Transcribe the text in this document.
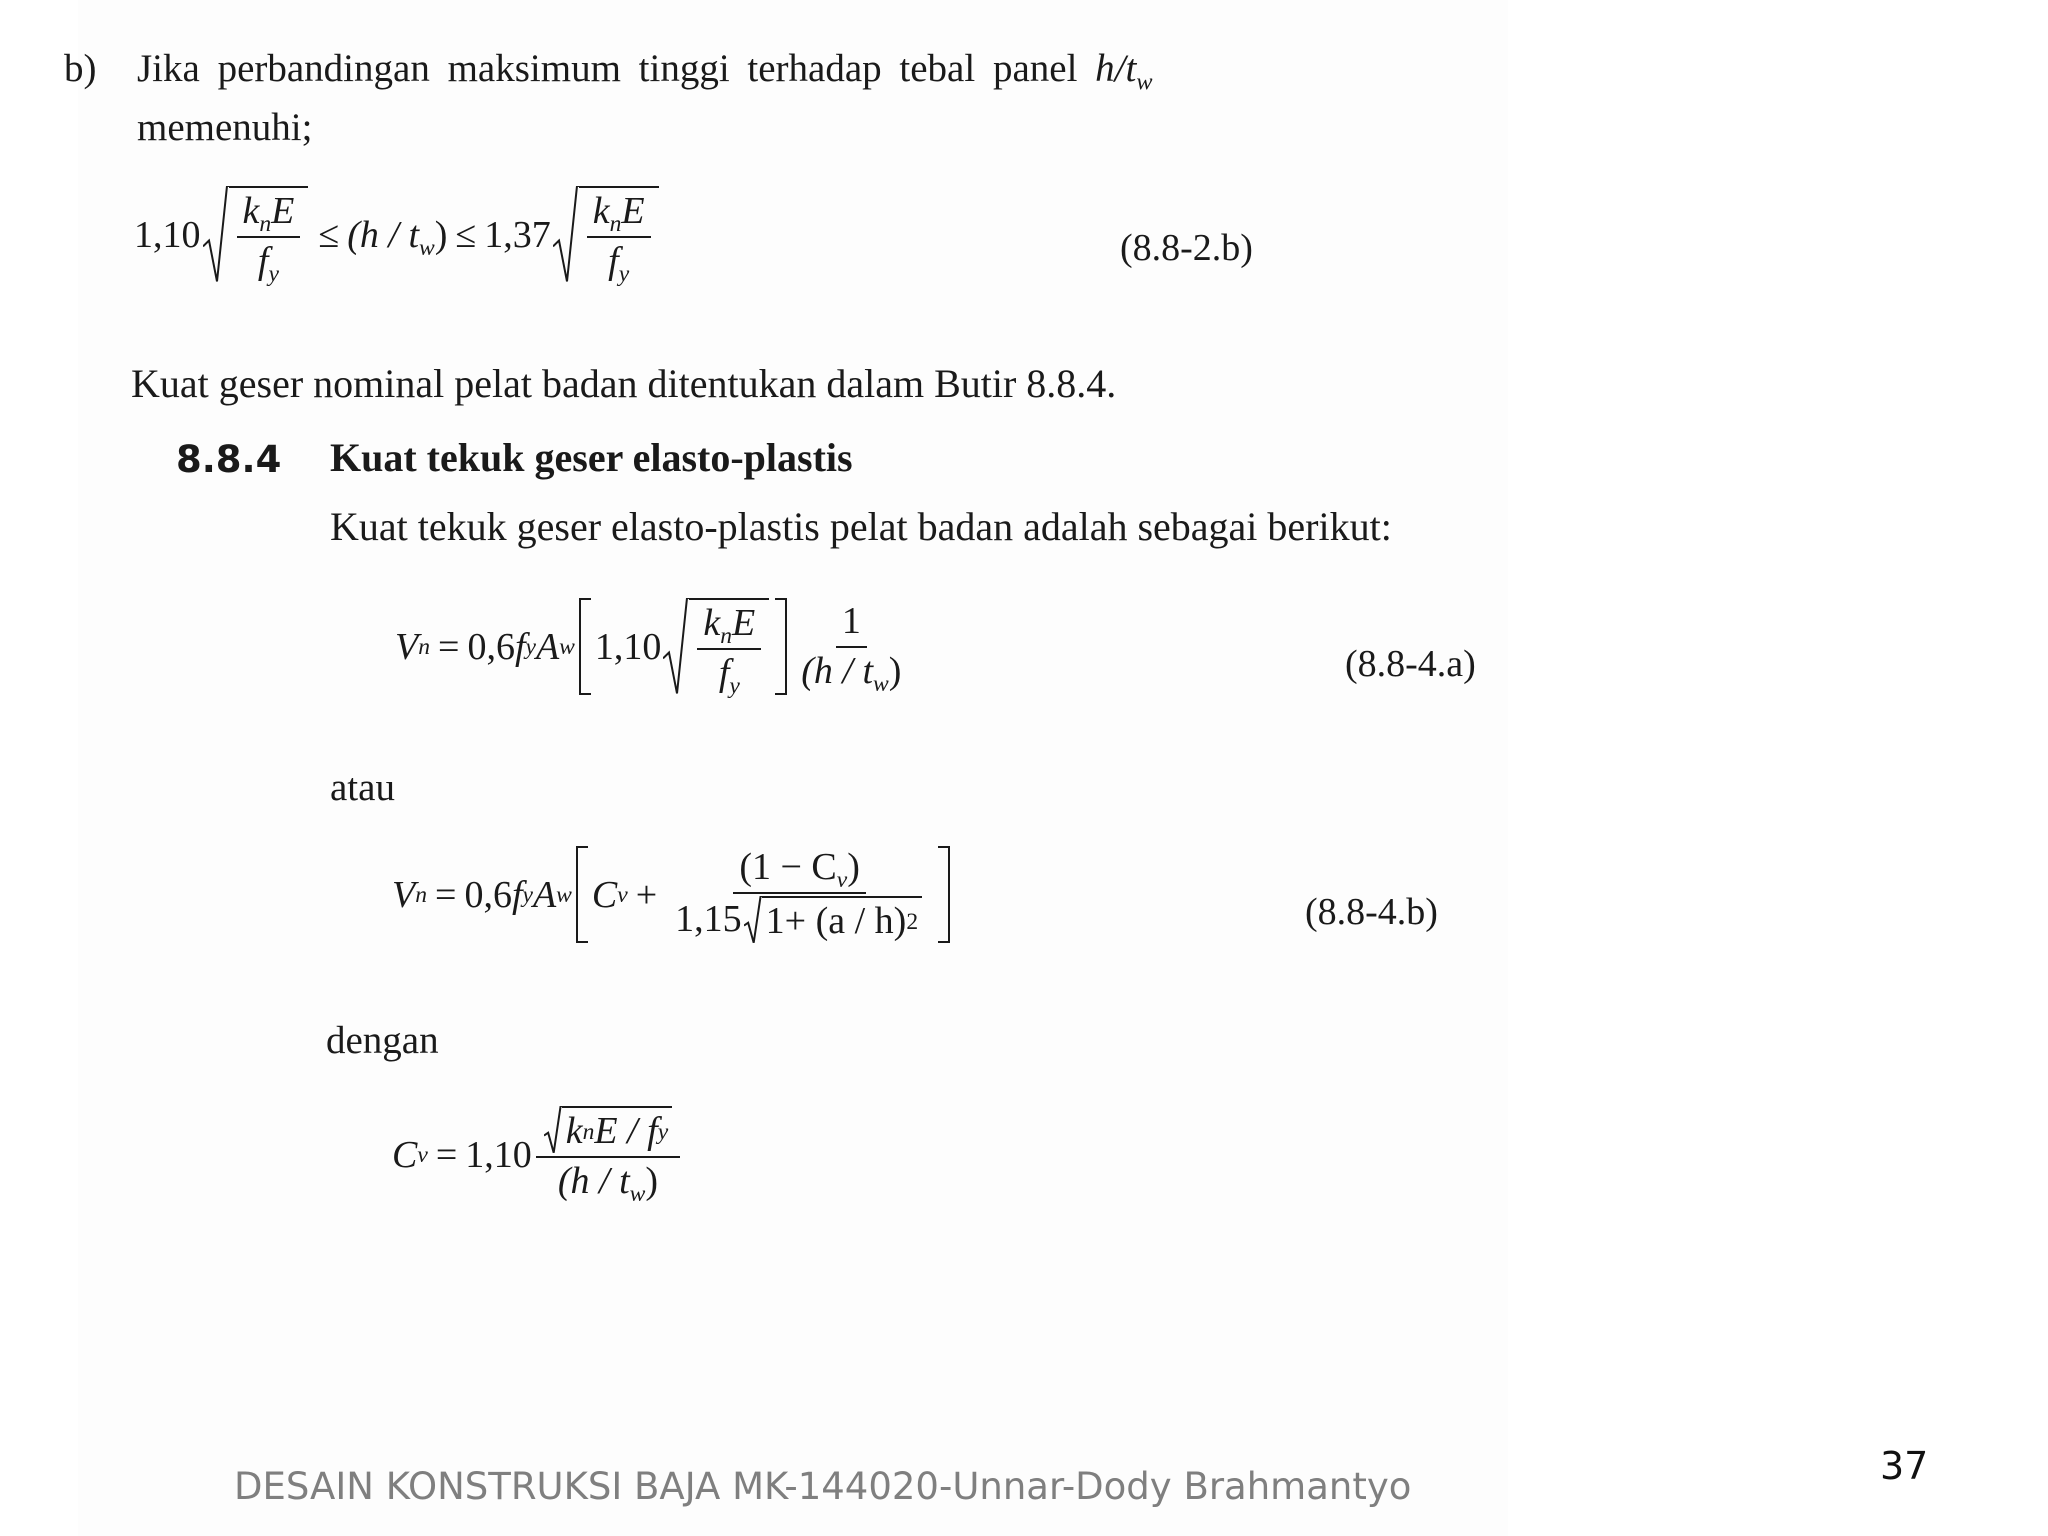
b) Jika perbandingan maksimum tinggi terhadap tebal panel $h/t_w$
memenuhi;
$1,10 \frac{k_nE}{f_y} \le (h / t_w) \le 1,37 \frac{k_nE}{f_y}$	(8.8-2.b)
Kuat geser nominal pelat badan ditentukan dalam Butir 8.8.4.
8.8.4 Kuat tekuk geser elasto-plastis
Kuat tekuk geser elasto-plastis pelat badan adalah sebagai berikut:
V n = 0,6 f y A w $1,10 \frac{k_nE}{f_y} \frac{1}{(h / t_w)}$	(8.8-4.a)
atau
V n = 0,6 f y A w C $v + \frac{(1 - C_v)}{1,15 1+ (a / h) 2}$	(8.8-4.b)
dengan
C $v = 1,10 \frac{\text{k n E / f y}}{(h / t_w)}$
DESAIN KONSTRUKSI BAJA MK-144020-Unnar-Dody Brahmantyo	37
